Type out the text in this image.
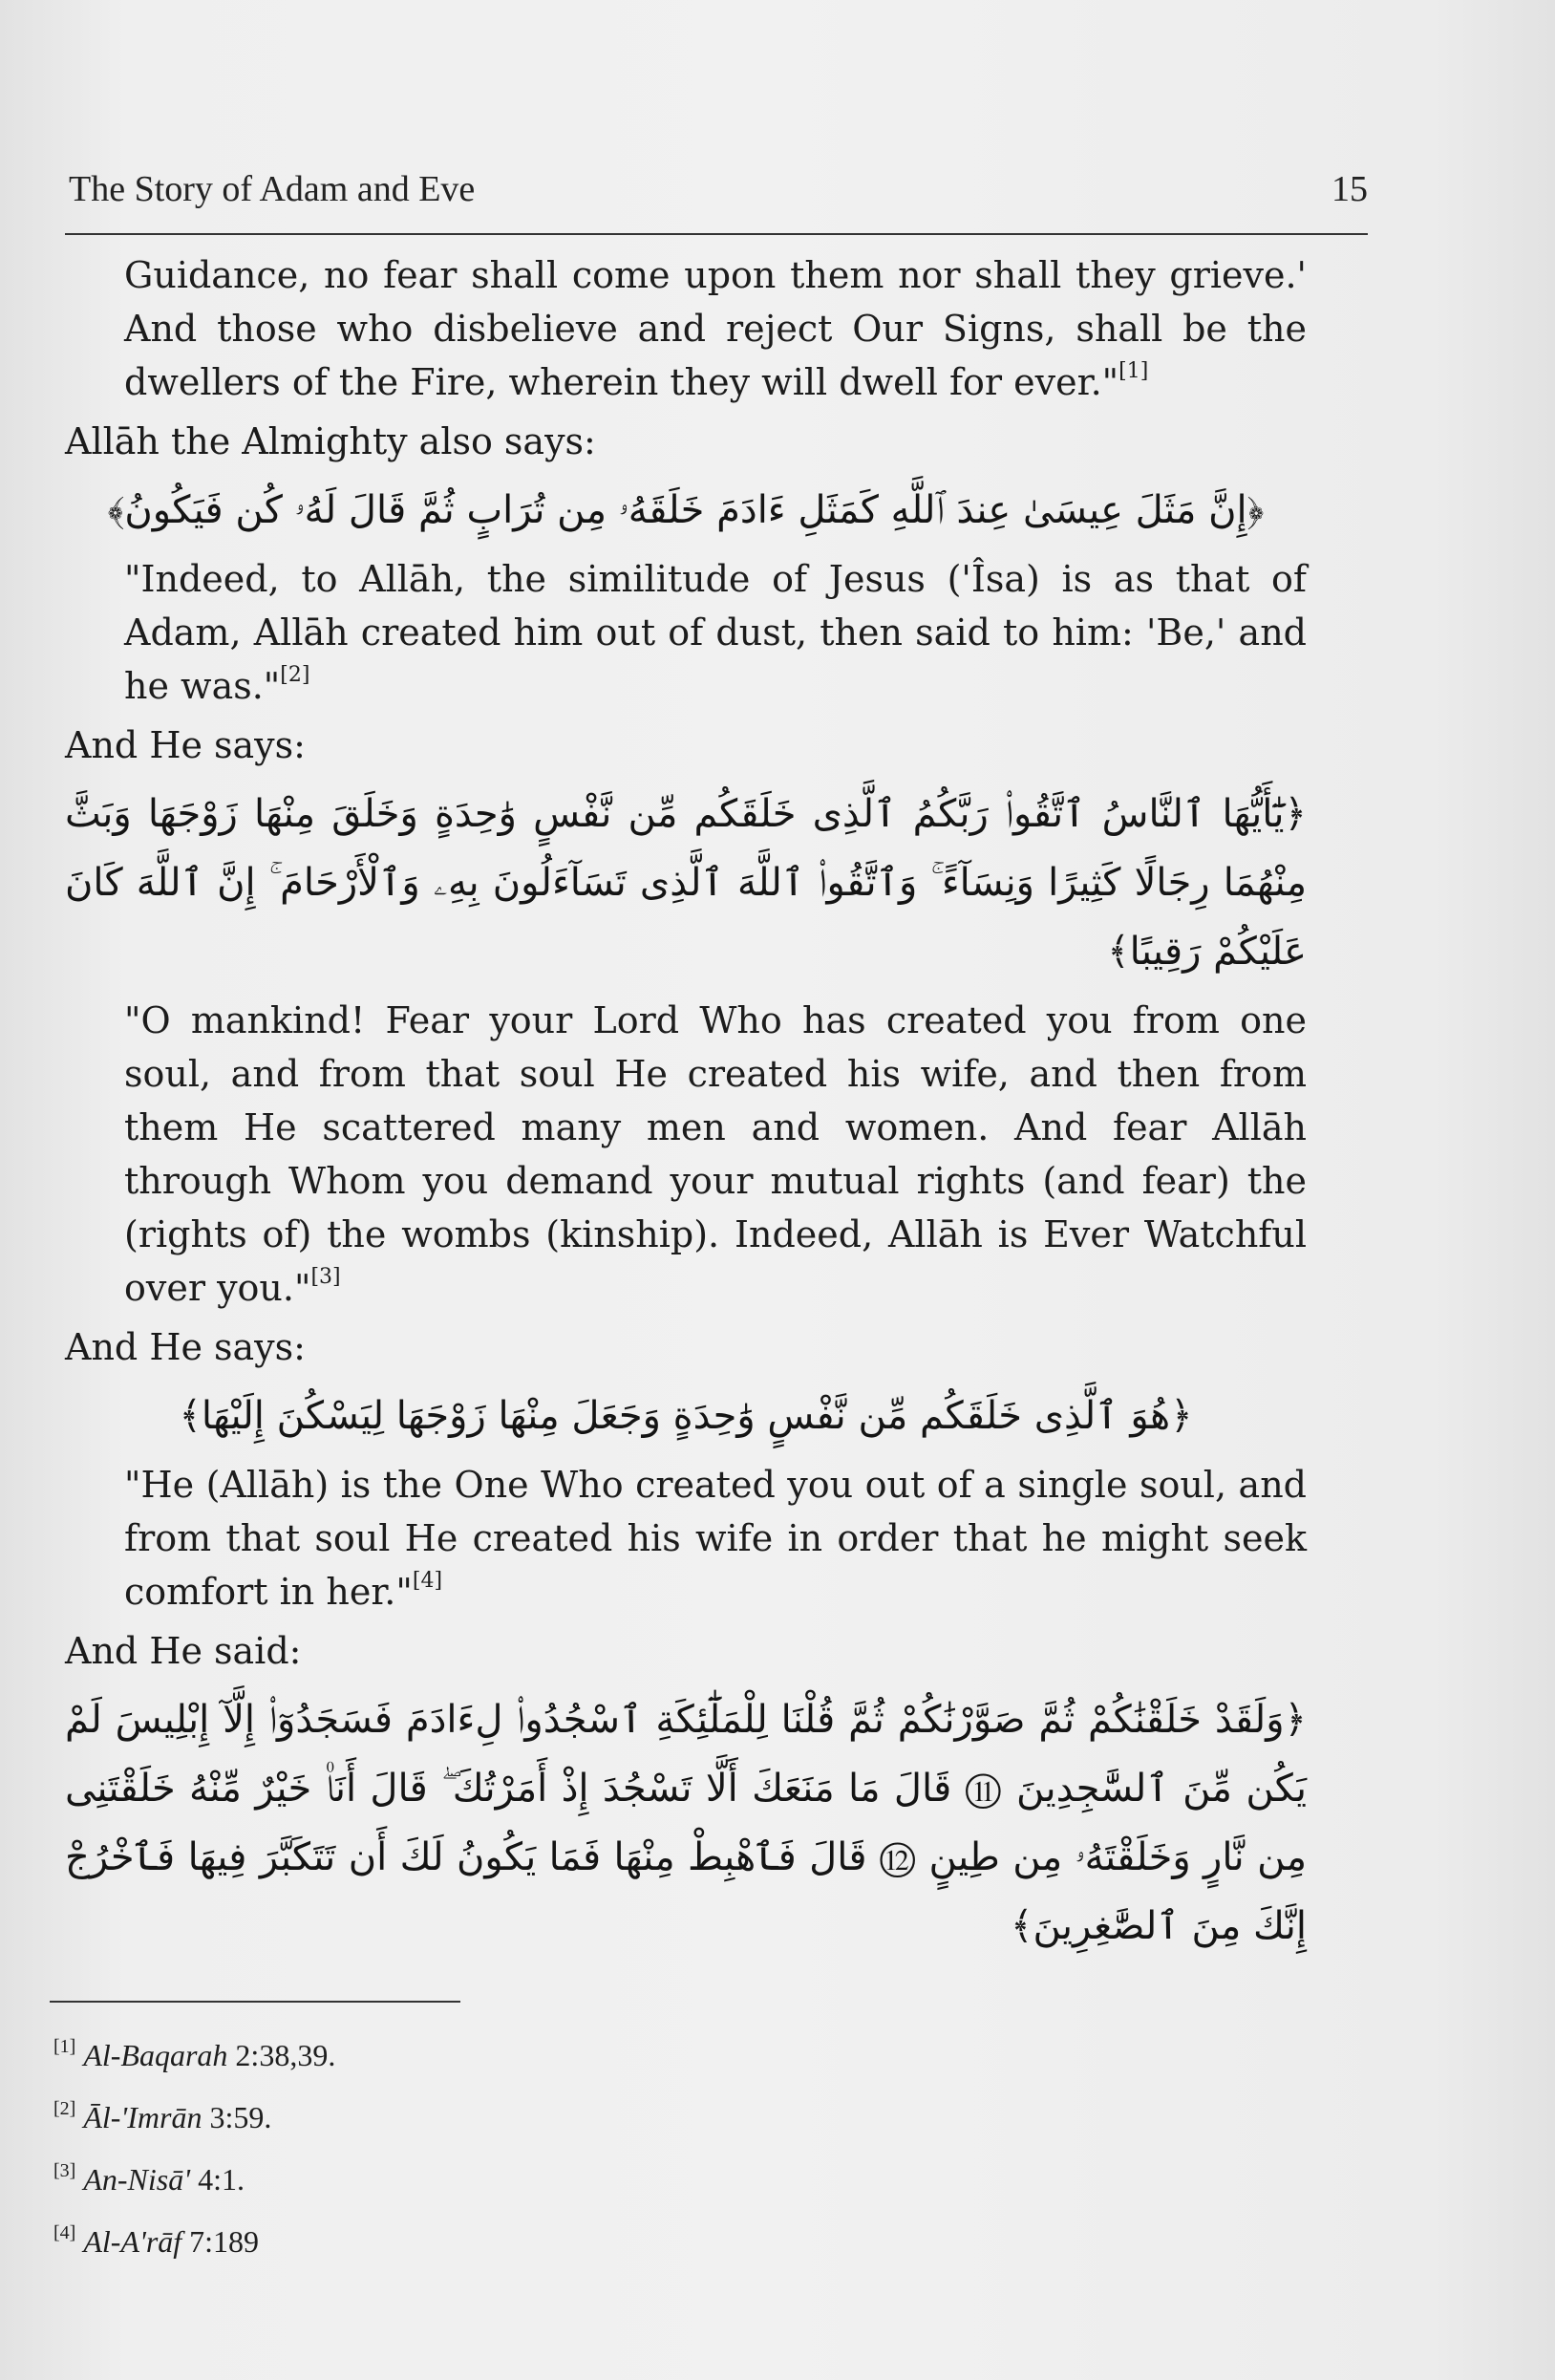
The Story of Adam and Eve	15

Guidance, no fear shall come upon them nor shall they grieve.' And those who disbelieve and reject Our Signs, shall be the dwellers of the Fire, wherein they will dwell for ever."[1]

Allāh the Almighty also says:

﴿إِنَّ مَثَلَ عِيسَىٰ عِندَ ٱللَّهِ كَمَثَلِ ءَادَمَ خَلَقَهُۥ مِن تُرَابٍ ثُمَّ قَالَ لَهُۥ كُن فَيَكُونُ﴾

"Indeed, to Allāh, the similitude of Jesus ('Îsa) is as that of Adam, Allāh created him out of dust, then said to him: 'Be,' and he was."[2]

And He says:

﴿يَٰٓأَيُّهَا ٱلنَّاسُ ٱتَّقُوا۟ رَبَّكُمُ ٱلَّذِى خَلَقَكُم مِّن نَّفْسٍ وَٰحِدَةٍ وَخَلَقَ مِنْهَا زَوْجَهَا وَبَثَّ مِنْهُمَا رِجَالًا كَثِيرًا وَنِسَآءً ۚ وَٱتَّقُوا۟ ٱللَّهَ ٱلَّذِى تَسَآءَلُونَ بِهِۦ وَٱلْأَرْحَامَ ۚ إِنَّ ٱللَّهَ كَانَ عَلَيْكُمْ رَقِيبًا﴾

"O mankind! Fear your Lord Who has created you from one soul, and from that soul He created his wife, and then from them He scattered many men and women. And fear Allāh through Whom you demand your mutual rights (and fear) the (rights of) the wombs (kinship). Indeed, Allāh is Ever Watchful over you."[3]

And He says:

﴿هُوَ ٱلَّذِى خَلَقَكُم مِّن نَّفْسٍ وَٰحِدَةٍ وَجَعَلَ مِنْهَا زَوْجَهَا لِيَسْكُنَ إِلَيْهَا﴾

"He (Allāh) is the One Who created you out of a single soul, and from that soul He created his wife in order that he might seek comfort in her."[4]

And He said:

﴿وَلَقَدْ خَلَقْنَٰكُمْ ثُمَّ صَوَّرْنَٰكُمْ ثُمَّ قُلْنَا لِلْمَلَٰٓئِكَةِ ٱسْجُدُوا۟ لِءَادَمَ فَسَجَدُوٓا۟ إِلَّآ إِبْلِيسَ لَمْ يَكُن مِّنَ ٱلسَّٰجِدِينَ ⑪ قَالَ مَا مَنَعَكَ أَلَّا تَسْجُدَ إِذْ أَمَرْتُكَ ۖ قَالَ أَنَا۠ خَيْرٌ مِّنْهُ خَلَقْتَنِى مِن نَّارٍ وَخَلَقْتَهُۥ مِن طِينٍ ⑫ قَالَ فَٱهْبِطْ مِنْهَا فَمَا يَكُونُ لَكَ أَن تَتَكَبَّرَ فِيهَا فَٱخْرُجْ إِنَّكَ مِنَ ٱلصَّٰغِرِينَ﴾

[1] Al-Baqarah 2:38,39.

[2] Āl-'Imrān 3:59.

[3] An-Nisā' 4:1.

[4] Al-A'rāf 7:189
